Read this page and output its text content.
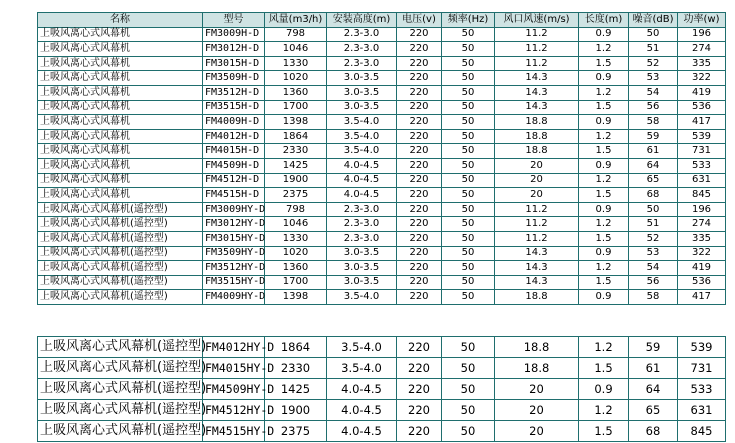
名称	型号	风量(m3/h)	安装高度(m)	电压(v)	频率(Hz)	风口风速(m/s)	长度(m)	噪音(dB)	功率(w)
上吸风离心式风幕机	FM3009H-D	798	2.3-3.0	220	50	11.2	0.9	50	196
上吸风离心式风幕机	FM3012H-D	1046	2.3-3.0	220	50	11.2	1.2	51	274
上吸风离心式风幕机	FM3015H-D	1330	2.3-3.0	220	50	11.2	1.5	52	335
上吸风离心式风幕机	FM3509H-D	1020	3.0-3.5	220	50	14.3	0.9	53	322
上吸风离心式风幕机	FM3512H-D	1360	3.0-3.5	220	50	14.3	1.2	54	419
上吸风离心式风幕机	FM3515H-D	1700	3.0-3.5	220	50	14.3	1.5	56	536
上吸风离心式风幕机	FM4009H-D	1398	3.5-4.0	220	50	18.8	0.9	58	417
上吸风离心式风幕机	FM4012H-D	1864	3.5-4.0	220	50	18.8	1.2	59	539
上吸风离心式风幕机	FM4015H-D	2330	3.5-4.0	220	50	18.8	1.5	61	731
上吸风离心式风幕机	FM4509H-D	1425	4.0-4.5	220	50	20	0.9	64	533
上吸风离心式风幕机	FM4512H-D	1900	4.0-4.5	220	50	20	1.2	65	631
上吸风离心式风幕机	FM4515H-D	2375	4.0-4.5	220	50	20	1.5	68	845
上吸风离心式风幕机(遥控型)	FM3009HY-D	798	2.3-3.0	220	50	11.2	0.9	50	196
上吸风离心式风幕机(遥控型)	FM3012HY-D	1046	2.3-3.0	220	50	11.2	1.2	51	274
上吸风离心式风幕机(遥控型)	FM3015HY-D	1330	2.3-3.0	220	50	11.2	1.5	52	335
上吸风离心式风幕机(遥控型)	FM3509HY-D	1020	3.0-3.5	220	50	14.3	0.9	53	322
上吸风离心式风幕机(遥控型)	FM3512HY-D	1360	3.0-3.5	220	50	14.3	1.2	54	419
上吸风离心式风幕机(遥控型)	FM3515HY-D	1700	3.0-3.5	220	50	14.3	1.5	56	536
上吸风离心式风幕机(遥控型)	FM4009HY-D	1398	3.5-4.0	220	50	18.8	0.9	58	417
上吸风离心式风幕机(遥控型)	FM4012HY-D	1864	3.5-4.0	220	50	18.8	1.2	59	539
上吸风离心式风幕机(遥控型)	FM4015HY-D	2330	3.5-4.0	220	50	18.8	1.5	61	731
上吸风离心式风幕机(遥控型)	FM4509HY-D	1425	4.0-4.5	220	50	20	0.9	64	533
上吸风离心式风幕机(遥控型)	FM4512HY-D	1900	4.0-4.5	220	50	20	1.2	65	631
上吸风离心式风幕机(遥控型)	FM4515HY-D	2375	4.0-4.5	220	50	20	1.5	68	845
